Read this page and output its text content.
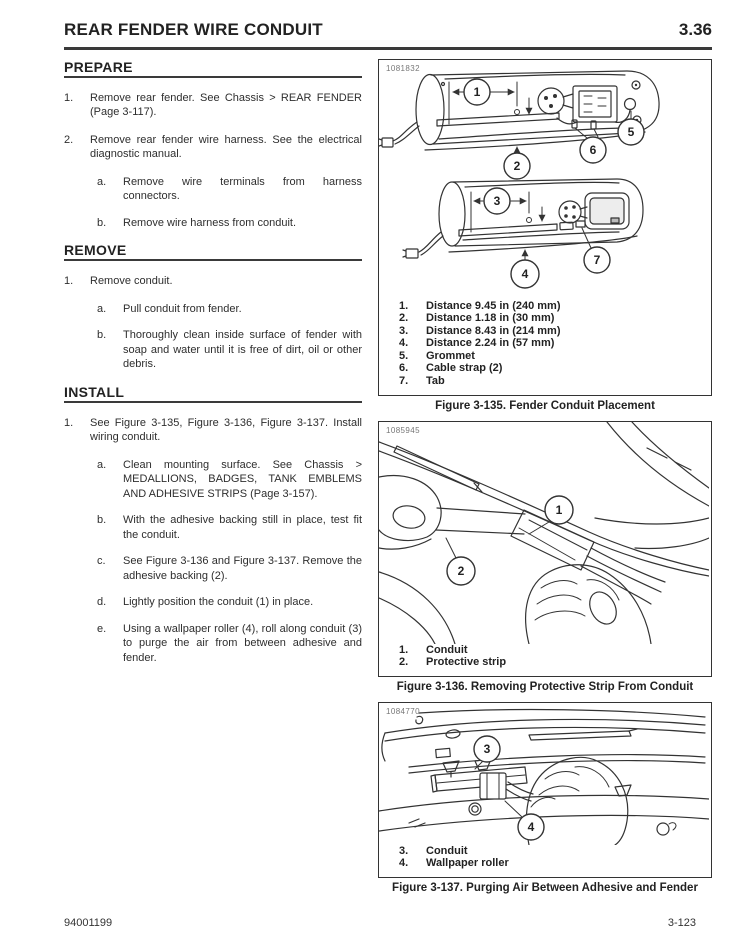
REAR FENDER WIRE CONDUIT	3.36
PREPARE
1.	Remove rear fender. See Chassis > REAR FENDER (Page 3-117).
2.	Remove rear fender wire harness. See the electrical diagnostic manual.
a.	Remove wire terminals from harness connectors.
b.	Remove wire harness from conduit.
REMOVE
1.	Remove conduit.
a.	Pull conduit from fender.
b.	Thoroughly clean inside surface of fender with soap and water until it is free of dirt, oil or other debris.
INSTALL
1.	See Figure 3-135, Figure 3-136, Figure 3-137. Install wiring conduit.
a.	Clean mounting surface. See Chassis > MEDALLIONS, BADGES, TANK EMBLEMS AND ADHESIVE STRIPS (Page 3-157).
b.	With the adhesive backing still in place, test fit the conduit.
c.	See Figure 3-136 and Figure 3-137. Remove the adhesive backing (2).
d.	Lightly position the conduit (1) in place.
e.	Using a wallpaper roller (4), roll along conduit (3) to purge the air from between adhesive and fender.
1081832
1
2
5
6
3
4
7
1.	Distance 9.45 in (240 mm)
2.	Distance 1.18 in (30 mm)
3.	Distance 8.43 in (214 mm)
4.	Distance 2.24 in (57 mm)
5.	Grommet
6.	Cable strap (2)
7.	Tab
Figure 3-135. Fender Conduit Placement
1085945
1
2
1.	Conduit
2.	Protective strip
Figure 3-136. Removing Protective Strip From Conduit
1084770
3
4
3.	Conduit
4.	Wallpaper roller
Figure 3-137. Purging Air Between Adhesive and Fender
94001199	3-123
